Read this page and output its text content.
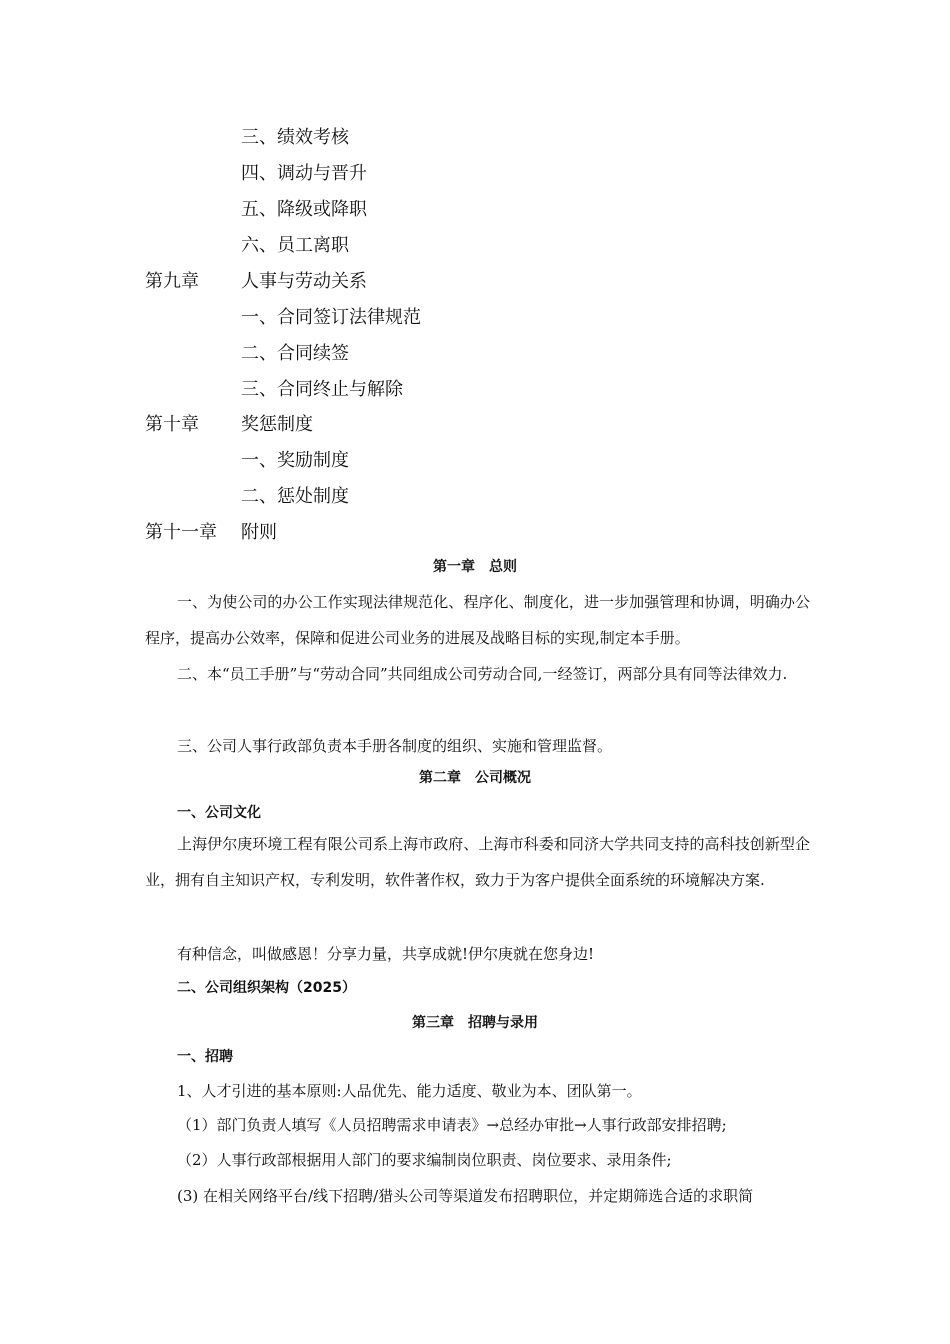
三、绩效考核
四、调动与晋升
五、降级或降职
六、员工离职
第九章 人事与劳动关系
一、合同签订法律规范
二、合同续签
三、合同终止与解除
第十章 奖惩制度
一、奖励制度
二、惩处制度
第十一章 附则
第一章　总则
一、为使公司的办公工作实现法律规范化、程序化、制度化，进一步加强管理和协调，明确办公程序，提高办公效率，保障和促进公司业务的进展及战略目标的实现,制定本手册。
二、本“员工手册”与“劳动合同”共同组成公司劳动合同,一经签订，两部分具有同等法律效力.
三、公司人事行政部负责本手册各制度的组织、实施和管理监督。
第二章　公司概况
一、公司文化
上海伊尔庚环境工程有限公司系上海市政府、上海市科委和同济大学共同支持的高科技创新型企业，拥有自主知识产权，专利发明，软件著作权，致力于为客户提供全面系统的环境解决方案.
有种信念，叫做感恩！分享力量，共享成就!伊尔庚就在您身边!
二、公司组织架构（2025）
第三章　招聘与录用
一、招聘
1、人才引进的基本原则:人品优先、能力适度、敬业为本、团队第一。
（1）部门负责人填写《人员招聘需求申请表》→总经办审批→人事行政部安排招聘;
（2）人事行政部根据用人部门的要求编制岗位职责、岗位要求、录用条件;
(3) 在相关网络平台/线下招聘/猎头公司等渠道发布招聘职位，并定期筛选合适的求职简
